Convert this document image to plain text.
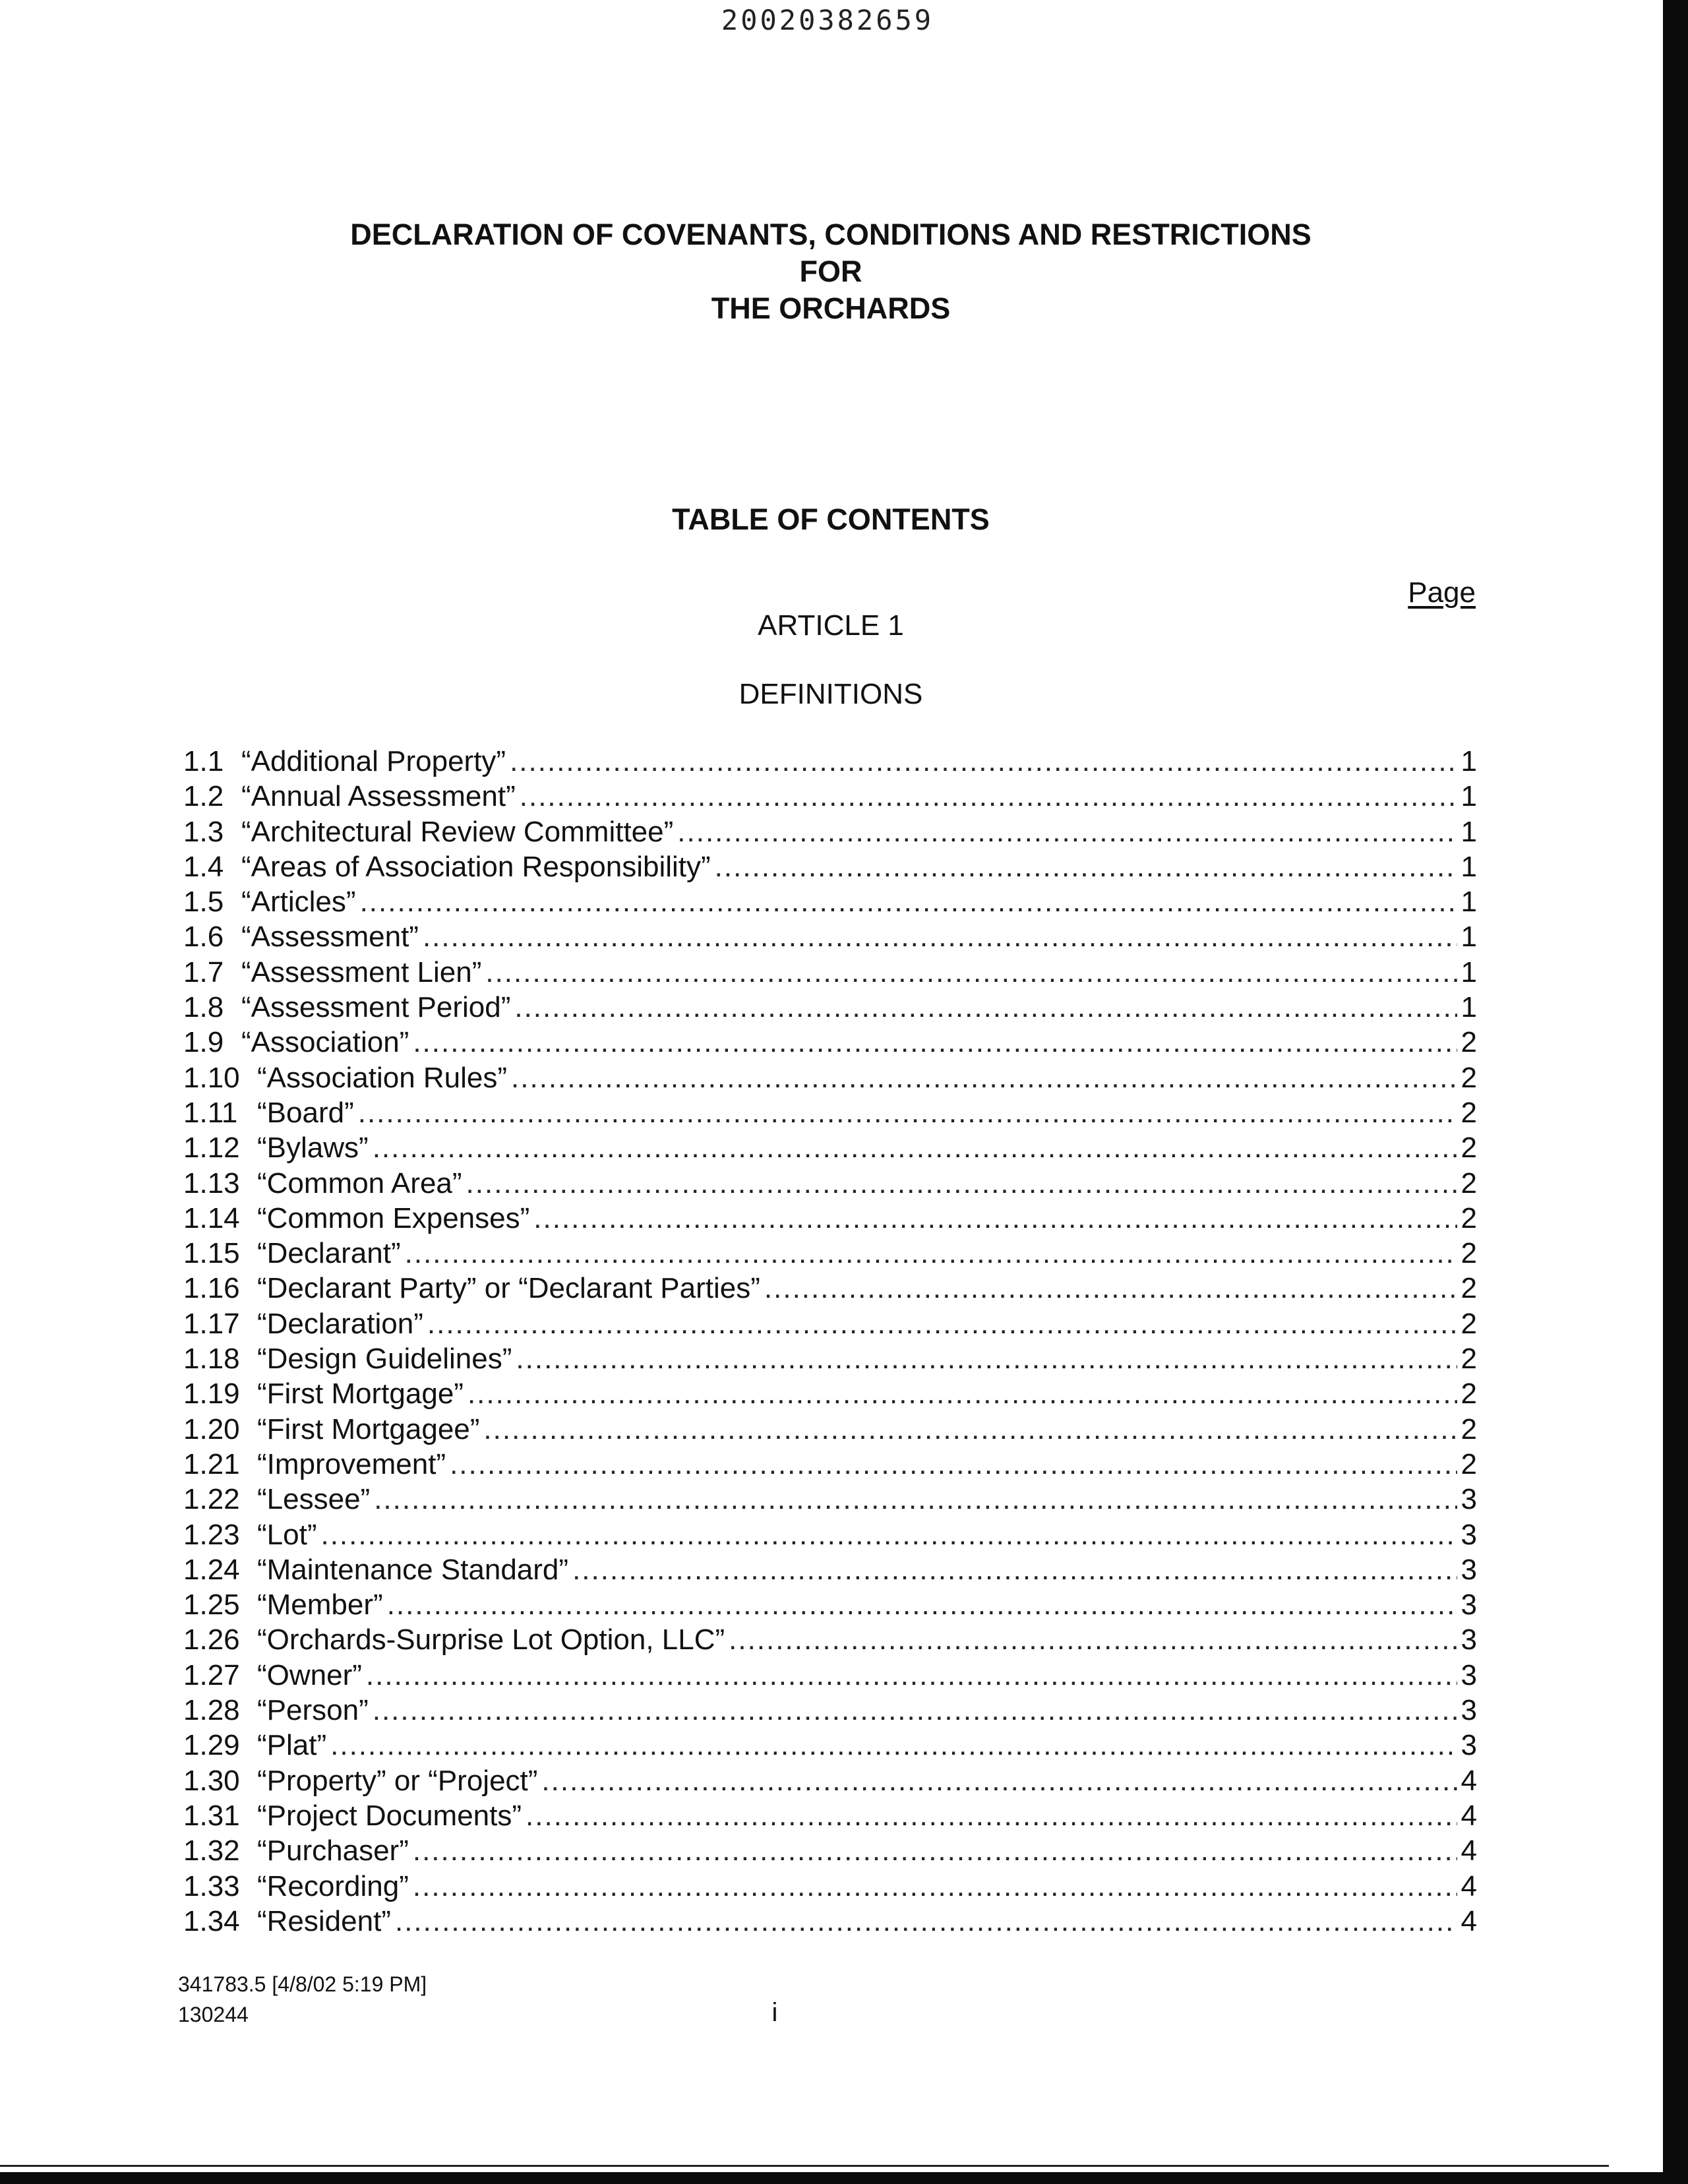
20020382659
DECLARATION OF COVENANTS, CONDITIONS AND RESTRICTIONS
FOR
THE ORCHARDS
TABLE OF CONTENTS
Page
ARTICLE 1
DEFINITIONS
1.1 “Additional Property” .....	1
1.2 “Annual Assessment” .....	1
1.3 “Architectural Review Committee” .....	1
1.4 “Areas of Association Responsibility” .....	1
1.5 “Articles” .....	1
1.6 “Assessment” .....	1
1.7 “Assessment Lien” .....	1
1.8 “Assessment Period” .....	1
1.9 “Association” .....	2
1.10 “Association Rules” .....	2
1.11 “Board” .....	2
1.12 “Bylaws” .....	2
1.13 “Common Area” .....	2
1.14 “Common Expenses” .....	2
1.15 “Declarant” .....	2
1.16 “Declarant Party” or “Declarant Parties” .....	2
1.17 “Declaration” .....	2
1.18 “Design Guidelines” .....	2
1.19 “First Mortgage” .....	2
1.20 “First Mortgagee” .....	2
1.21 “Improvement” .....	2
1.22 “Lessee” .....	3
1.23 “Lot” .....	3
1.24 “Maintenance Standard” .....	3
1.25 “Member” .....	3
1.26 “Orchards-Surprise Lot Option, LLC” .....	3
1.27 “Owner” .....	3
1.28 “Person” .....	3
1.29 “Plat” .....	3
1.30 “Property” or “Project” .....	4
1.31 “Project Documents” .....	4
1.32 “Purchaser” .....	4
1.33 “Recording” .....	4
1.34 “Resident” .....	4
341783.5 [4/8/02 5:19 PM]
130244	i
